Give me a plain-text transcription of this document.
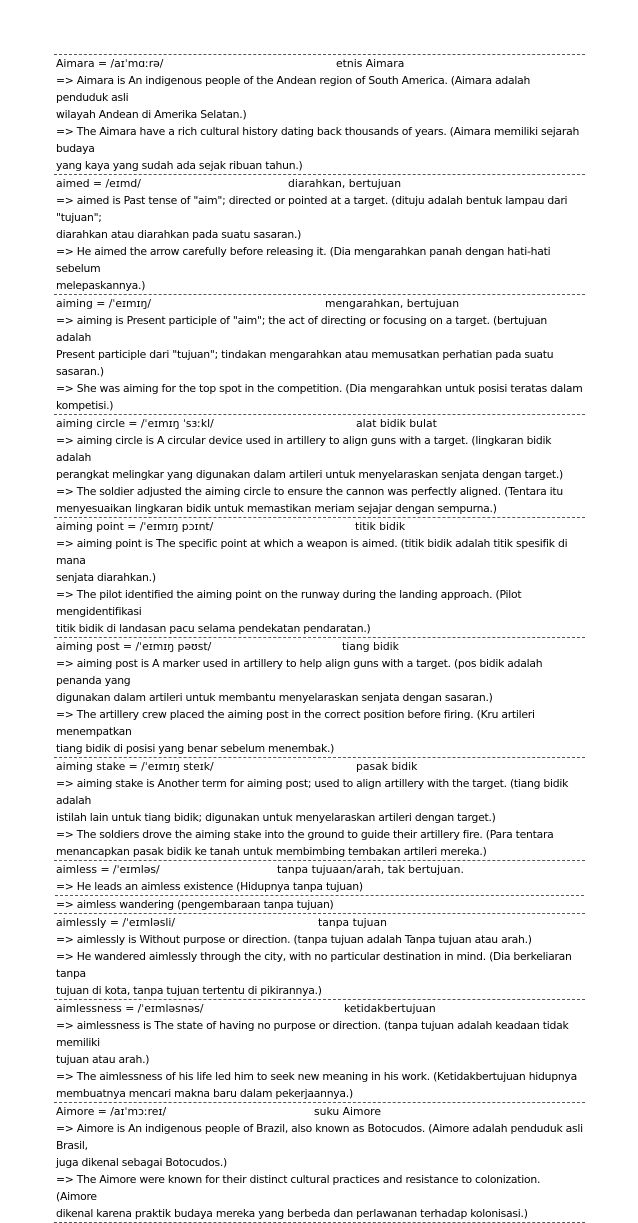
Aimara = /aɪˈmɑːrə/	etnis Aimara
=> Aimara is An indigenous people of the Andean region of South America. (Aimara adalah penduduk asli
wilayah Andean di Amerika Selatan.)
=> The Aimara have a rich cultural history dating back thousands of years. (Aimara memiliki sejarah budaya
yang kaya yang sudah ada sejak ribuan tahun.)
aimed = /eɪmd/	diarahkan, bertujuan
=> aimed is Past tense of "aim"; directed or pointed at a target. (dituju adalah bentuk lampau dari "tujuan";
diarahkan atau diarahkan pada suatu sasaran.)
=> He aimed the arrow carefully before releasing it. (Dia mengarahkan panah dengan hati-hati sebelum
melepaskannya.)
aiming = /ˈeɪmɪŋ/	mengarahkan, bertujuan
=> aiming is Present participle of "aim"; the act of directing or focusing on a target. (bertujuan adalah
Present participle dari "tujuan"; tindakan mengarahkan atau memusatkan perhatian pada suatu sasaran.)
=> She was aiming for the top spot in the competition. (Dia mengarahkan untuk posisi teratas dalam
kompetisi.)
aiming circle = /ˈeɪmɪŋ ˈsɜːkl/	alat bidik bulat
=> aiming circle is A circular device used in artillery to align guns with a target. (lingkaran bidik adalah
perangkat melingkar yang digunakan dalam artileri untuk menyelaraskan senjata dengan target.)
=> The soldier adjusted the aiming circle to ensure the cannon was perfectly aligned. (Tentara itu
menyesuaikan lingkaran bidik untuk memastikan meriam sejajar dengan sempurna.)
aiming point = /ˈeɪmɪŋ pɔɪnt/	titik bidik
=> aiming point is The specific point at which a weapon is aimed. (titik bidik adalah titik spesifik di mana
senjata diarahkan.)
=> The pilot identified the aiming point on the runway during the landing approach. (Pilot mengidentifikasi
titik bidik di landasan pacu selama pendekatan pendaratan.)
aiming post = /ˈeɪmɪŋ pəʊst/	tiang bidik
=> aiming post is A marker used in artillery to help align guns with a target. (pos bidik adalah penanda yang
digunakan dalam artileri untuk membantu menyelaraskan senjata dengan sasaran.)
=> The artillery crew placed the aiming post in the correct position before firing. (Kru artileri menempatkan
tiang bidik di posisi yang benar sebelum menembak.)
aiming stake = /ˈeɪmɪŋ steɪk/	pasak bidik
=> aiming stake is Another term for aiming post; used to align artillery with the target. (tiang bidik adalah
istilah lain untuk tiang bidik; digunakan untuk menyelaraskan artileri dengan target.)
=> The soldiers drove the aiming stake into the ground to guide their artillery fire. (Para tentara
menancapkan pasak bidik ke tanah untuk membimbing tembakan artileri mereka.)
aimless = /ˈeɪmləs/	tanpa tujuaan/arah, tak bertujuan.
=> He leads an aimless existence (Hidupnya tanpa tujuan)
=> aimless wandering (pengembaraan tanpa tujuan)
aimlessly = /ˈeɪmləsli/	tanpa tujuan
=> aimlessly is Without purpose or direction. (tanpa tujuan adalah Tanpa tujuan atau arah.)
=> He wandered aimlessly through the city, with no particular destination in mind. (Dia berkeliaran tanpa
tujuan di kota, tanpa tujuan tertentu di pikirannya.)
aimlessness = /ˈeɪmləsnəs/	ketidakbertujuan
=> aimlessness is The state of having no purpose or direction. (tanpa tujuan adalah keadaan tidak memiliki
tujuan atau arah.)
=> The aimlessness of his life led him to seek new meaning in his work. (Ketidakbertujuan hidupnya
membuatnya mencari makna baru dalam pekerjaannya.)
Aimore = /aɪˈmɔːreɪ/	suku Aimore
=> Aimore is An indigenous people of Brazil, also known as Botocudos. (Aimore adalah penduduk asli Brasil,
juga dikenal sebagai Botocudos.)
=> The Aimore were known for their distinct cultural practices and resistance to colonization. (Aimore
dikenal karena praktik budaya mereka yang berbeda dan perlawanan terhadap kolonisasi.)
